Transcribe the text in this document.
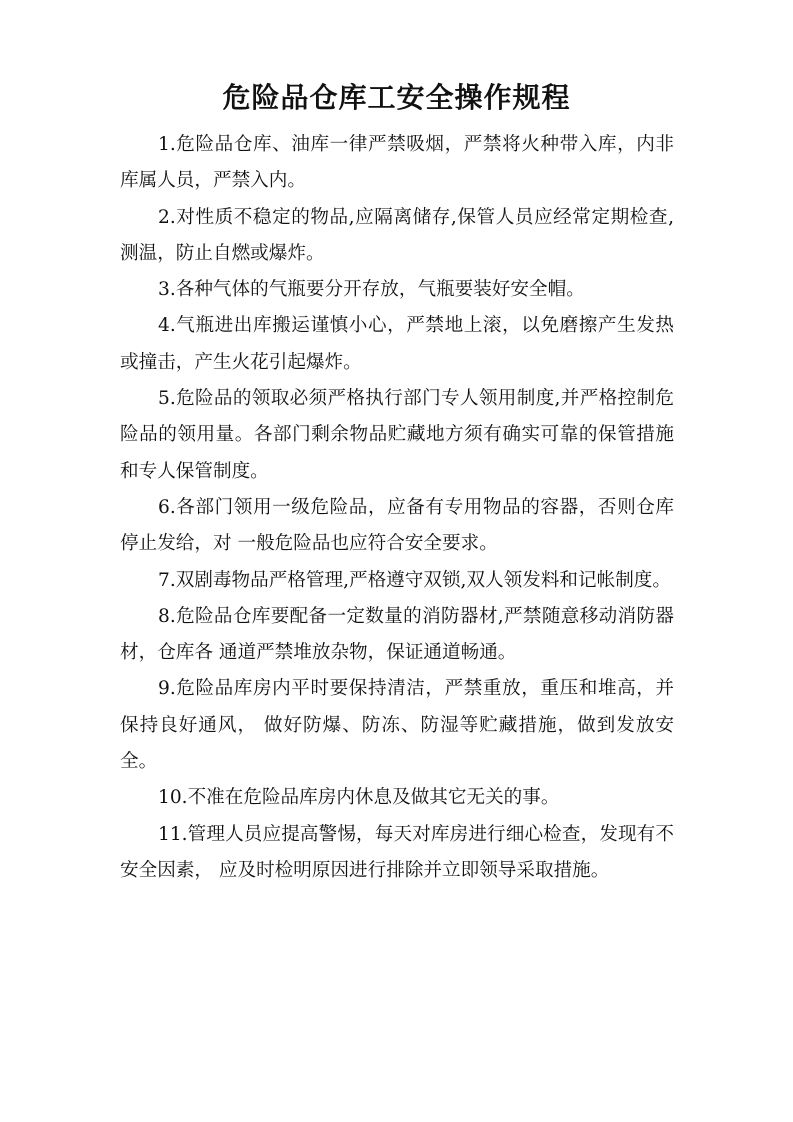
危险品仓库工安全操作规程

1.危险品仓库、油库一律严禁吸烟，严禁将火种带入库，内非库属人员，严禁入内。

2.对性质不稳定的物品,应隔离储存,保管人员应经常定期检查,测温，防止自燃或爆炸。

3.各种气体的气瓶要分开存放，气瓶要装好安全帽。

4.气瓶进出库搬运谨慎小心，严禁地上滚，以免磨擦产生发热或撞击，产生火花引起爆炸。

5.危险品的领取必须严格执行部门专人领用制度,并严格控制危险品的领用量。各部门剩余物品贮藏地方须有确实可靠的保管措施和专人保管制度。

6.各部门领用一级危险品，应备有专用物品的容器，否则仓库停止发给，对 一般危险品也应符合安全要求。

7.双剧毒物品严格管理,严格遵守双锁,双人领发料和记帐制度。

8.危险品仓库要配备一定数量的消防器材,严禁随意移动消防器材，仓库各 通道严禁堆放杂物，保证通道畅通。

9.危险品库房内平时要保持清洁，严禁重放，重压和堆高，并保持良好通风， 做好防爆、防冻、防湿等贮藏措施，做到发放安全。

10.不准在危险品库房内休息及做其它无关的事。

11.管理人员应提高警惕，每天对库房进行细心检查，发现有不安全因素， 应及时检明原因进行排除并立即领导采取措施。
